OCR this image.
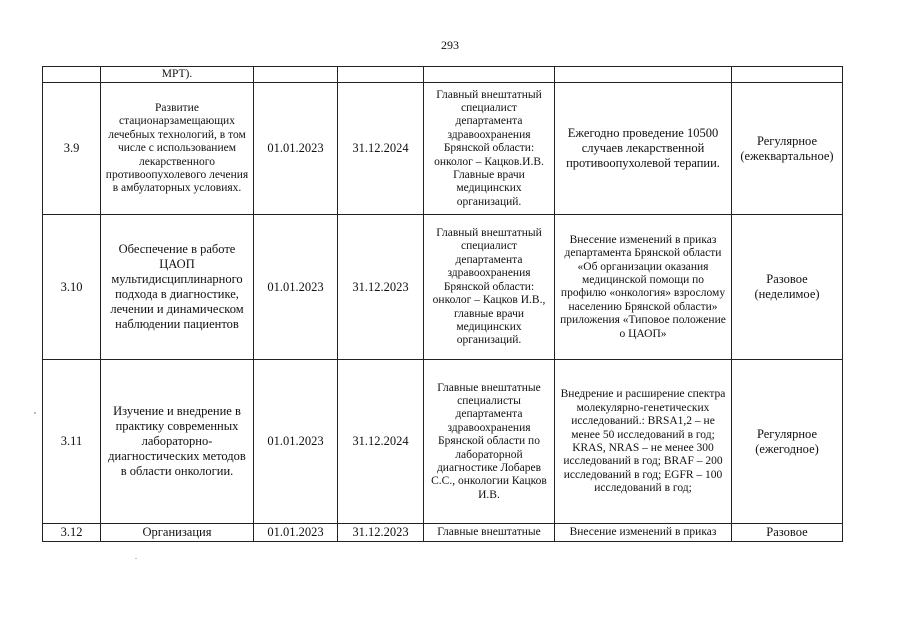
293
	МРТ).					
3.9	Развитие стационарзамещающих лечебных технологий, в том числе с использованием лекарственного противоопухолевого лечения в амбулаторных условиях.	01.01.2023	31.12.2024	Главный внештатный специалист департамента здравоохранения Брянской области: онколог – Кацков.И.В. Главные врачи медицинских организаций.	Ежегодно проведение 10500 случаев лекарственной противоопухолевой терапии.	Регулярное (ежеквартальное)
3.10	Обеспечение в работе ЦАОП мультидисциплинарного подхода в диагностике, лечении и динамическом наблюдении пациентов	01.01.2023	31.12.2023	Главный внештатный специалист департамента здравоохранения Брянской области: онколог – Кацков И.В., главные врачи медицинских организаций.	Внесение изменений в приказ департамента Брянской области «Об организации оказания медицинской помощи по профилю «онкология» взрослому населению Брянской области» приложения «Типовое положение о ЦАОП»	Разовое (неделимое)
3.11	Изучение и внедрение в практику современных лабораторно-диагностических методов в области онкологии.	01.01.2023	31.12.2024	Главные внештатные специалисты департамента здравоохранения Брянской области по лабораторной диагностике Лобарев С.С., онкологии Кацков И.В.	Внедрение и расширение спектра молекулярно-генетических исследований.: BRSA1,2 – не менее 50 исследований в год; KRAS, NRAS – не менее 300 исследований в год; BRAF – 200 исследований в год; EGFR – 100 исследований в год;	Регулярное (ежегодное)
3.12	Организация	01.01.2023	31.12.2023	Главные внештатные	Внесение изменений в приказ	Разовое
